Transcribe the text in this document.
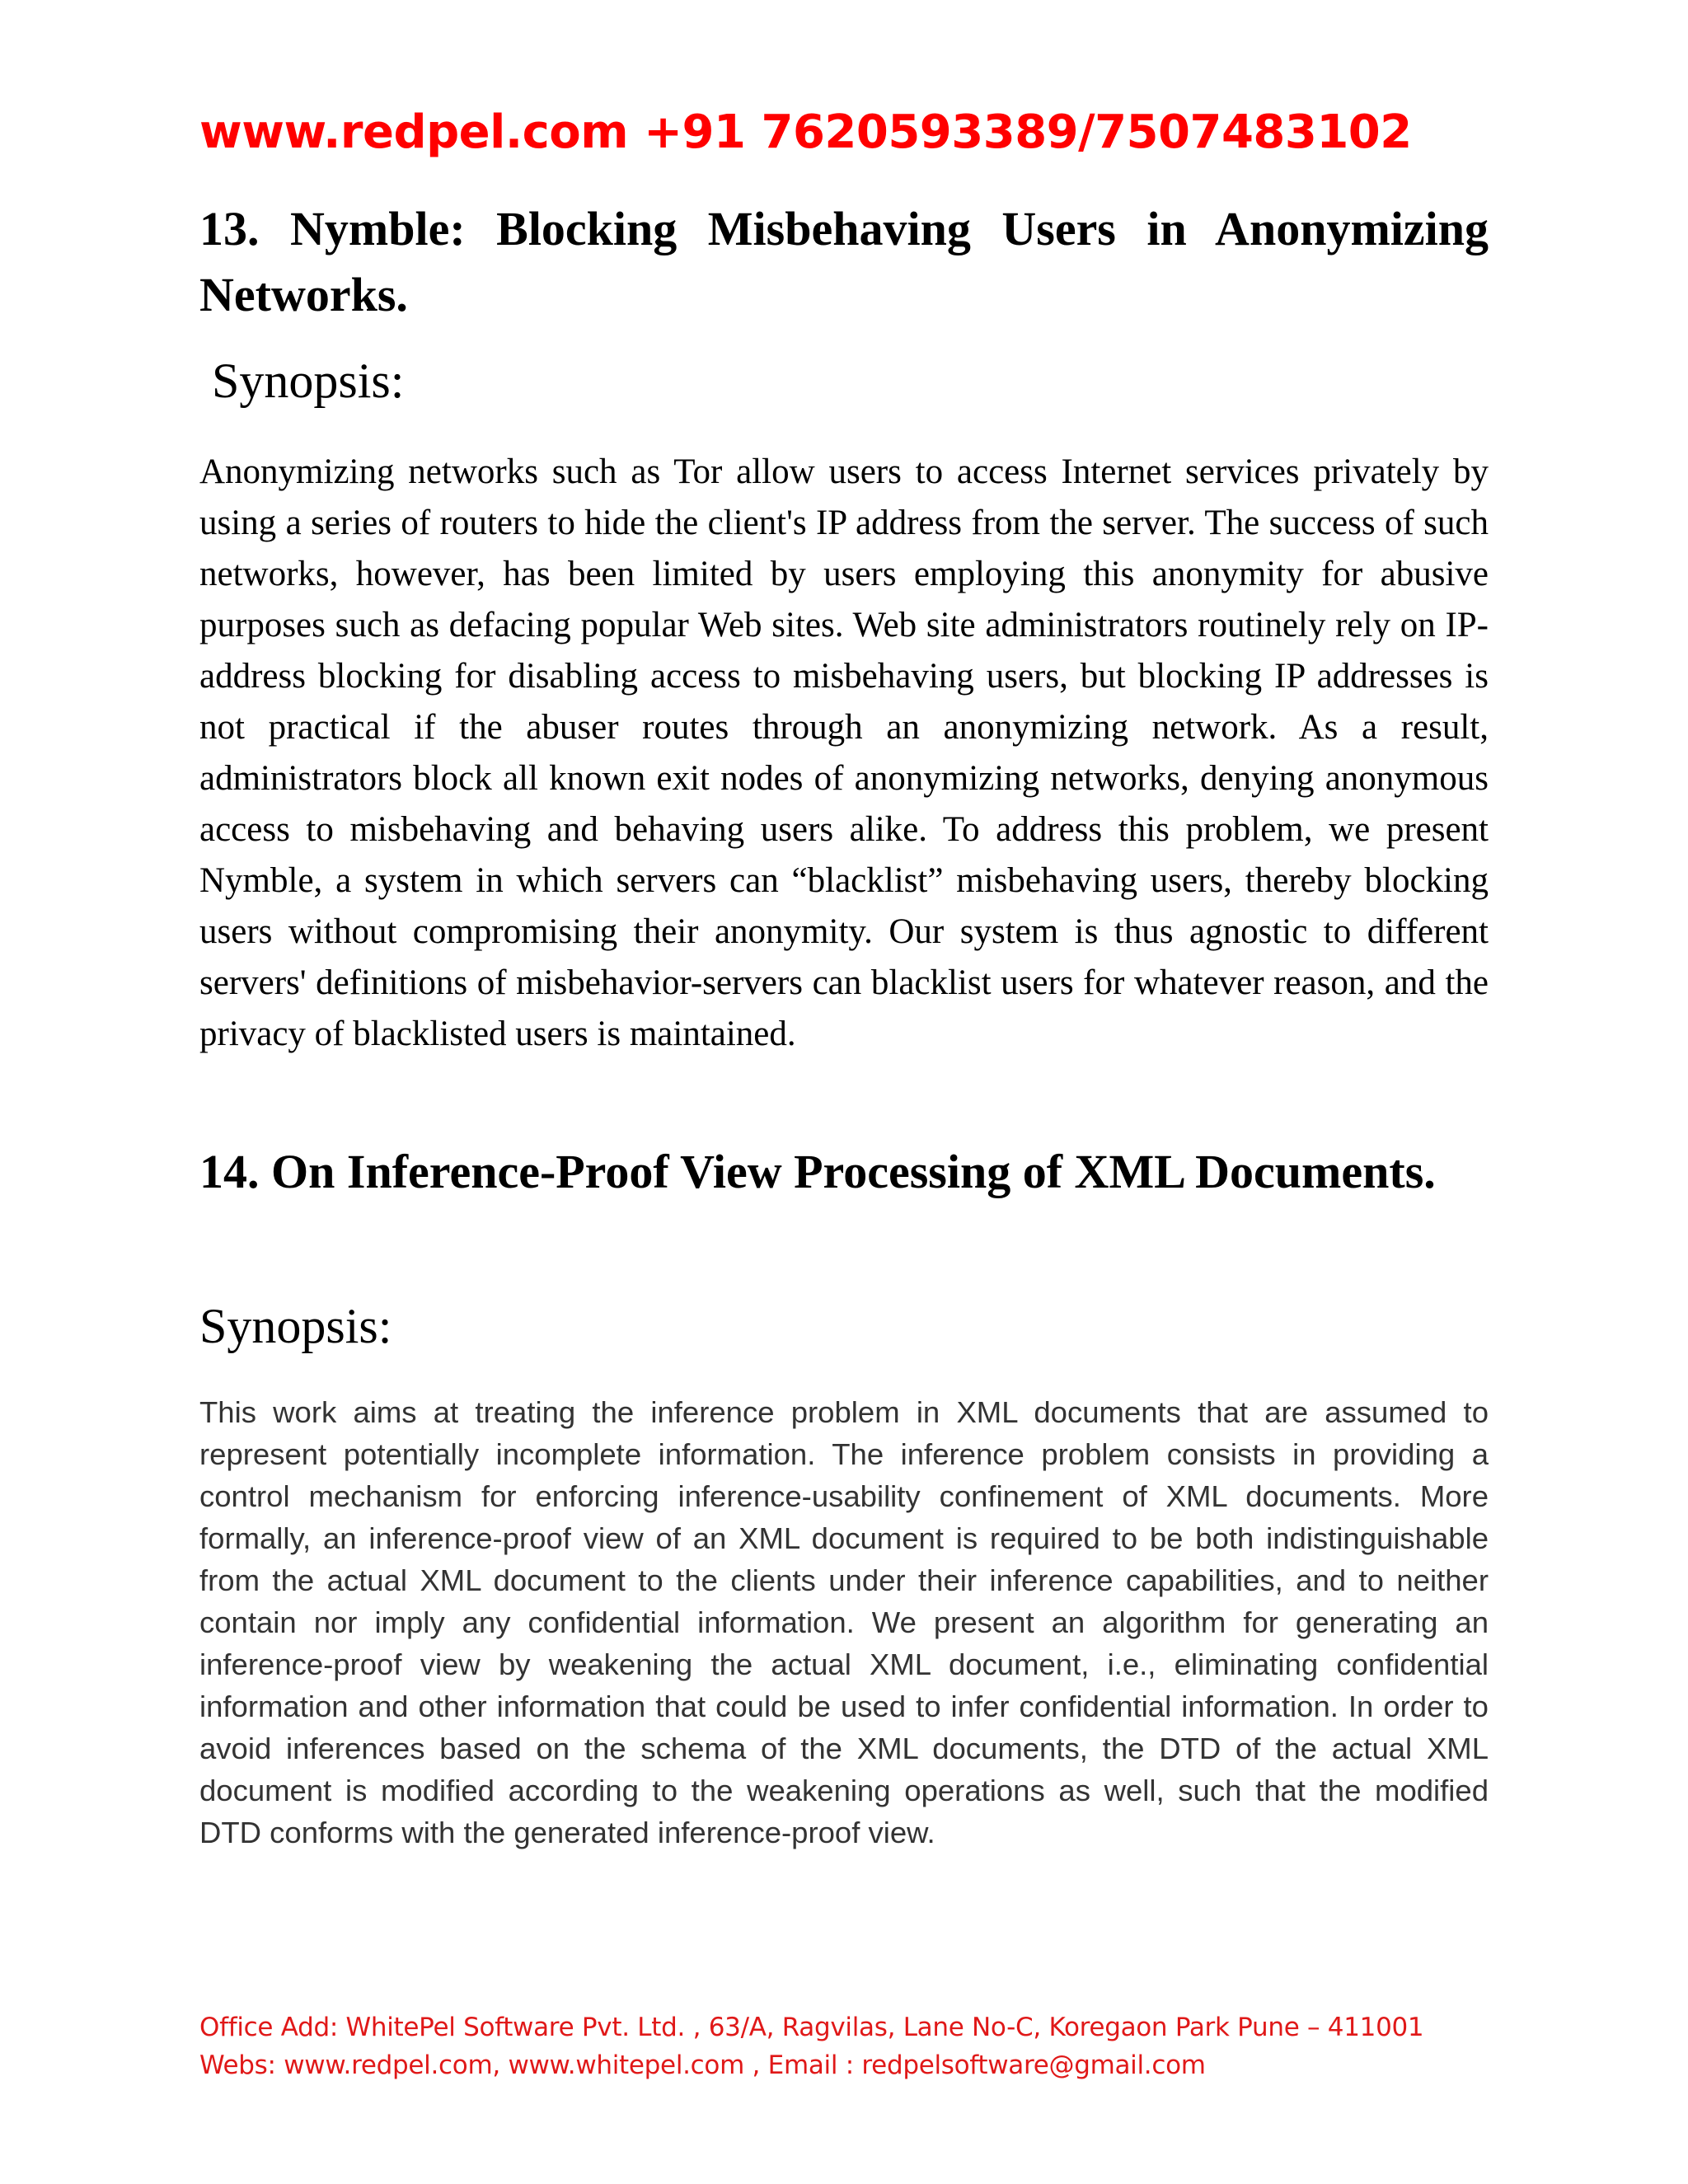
www.redpel.com +91 7620593389/7507483102
13. Nymble: Blocking Misbehaving Users in Anonymizing Networks.
Synopsis:
Anonymizing networks such as Tor allow users to access Internet services privately by using a series of routers to hide the client's IP address from the server. The success of such networks, however, has been limited by users employing this anonymity for abusive purposes such as defacing popular Web sites. Web site administrators routinely rely on IP-address blocking for disabling access to misbehaving users, but blocking IP addresses is not practical if the abuser routes through an anonymizing network. As a result, administrators block all known exit nodes of anonymizing networks, denying anonymous access to misbehaving and behaving users alike. To address this problem, we present Nymble, a system in which servers can “blacklist” misbehaving users, thereby blocking users without compromising their anonymity. Our system is thus agnostic to different servers' definitions of misbehavior-servers can blacklist users for whatever reason, and the privacy of blacklisted users is maintained.
14. On Inference-Proof View Processing of XML Documents.
Synopsis:
This work aims at treating the inference problem in XML documents that are assumed to represent potentially incomplete information. The inference problem consists in providing a control mechanism for enforcing inference-usability confinement of XML documents. More formally, an inference-proof view of an XML document is required to be both indistinguishable from the actual XML document to the clients under their inference capabilities, and to neither contain nor imply any confidential information. We present an algorithm for generating an inference-proof view by weakening the actual XML document, i.e., eliminating confidential information and other information that could be used to infer confidential information. In order to avoid inferences based on the schema of the XML documents, the DTD of the actual XML document is modified according to the weakening operations as well, such that the modified DTD conforms with the generated inference-proof view.
Office Add: WhitePel Software Pvt. Ltd. , 63/A, Ragvilas, Lane No-C, Koregaon Park Pune – 411001
Webs: www.redpel.com, www.whitepel.com , Email : redpelsoftware@gmail.com
